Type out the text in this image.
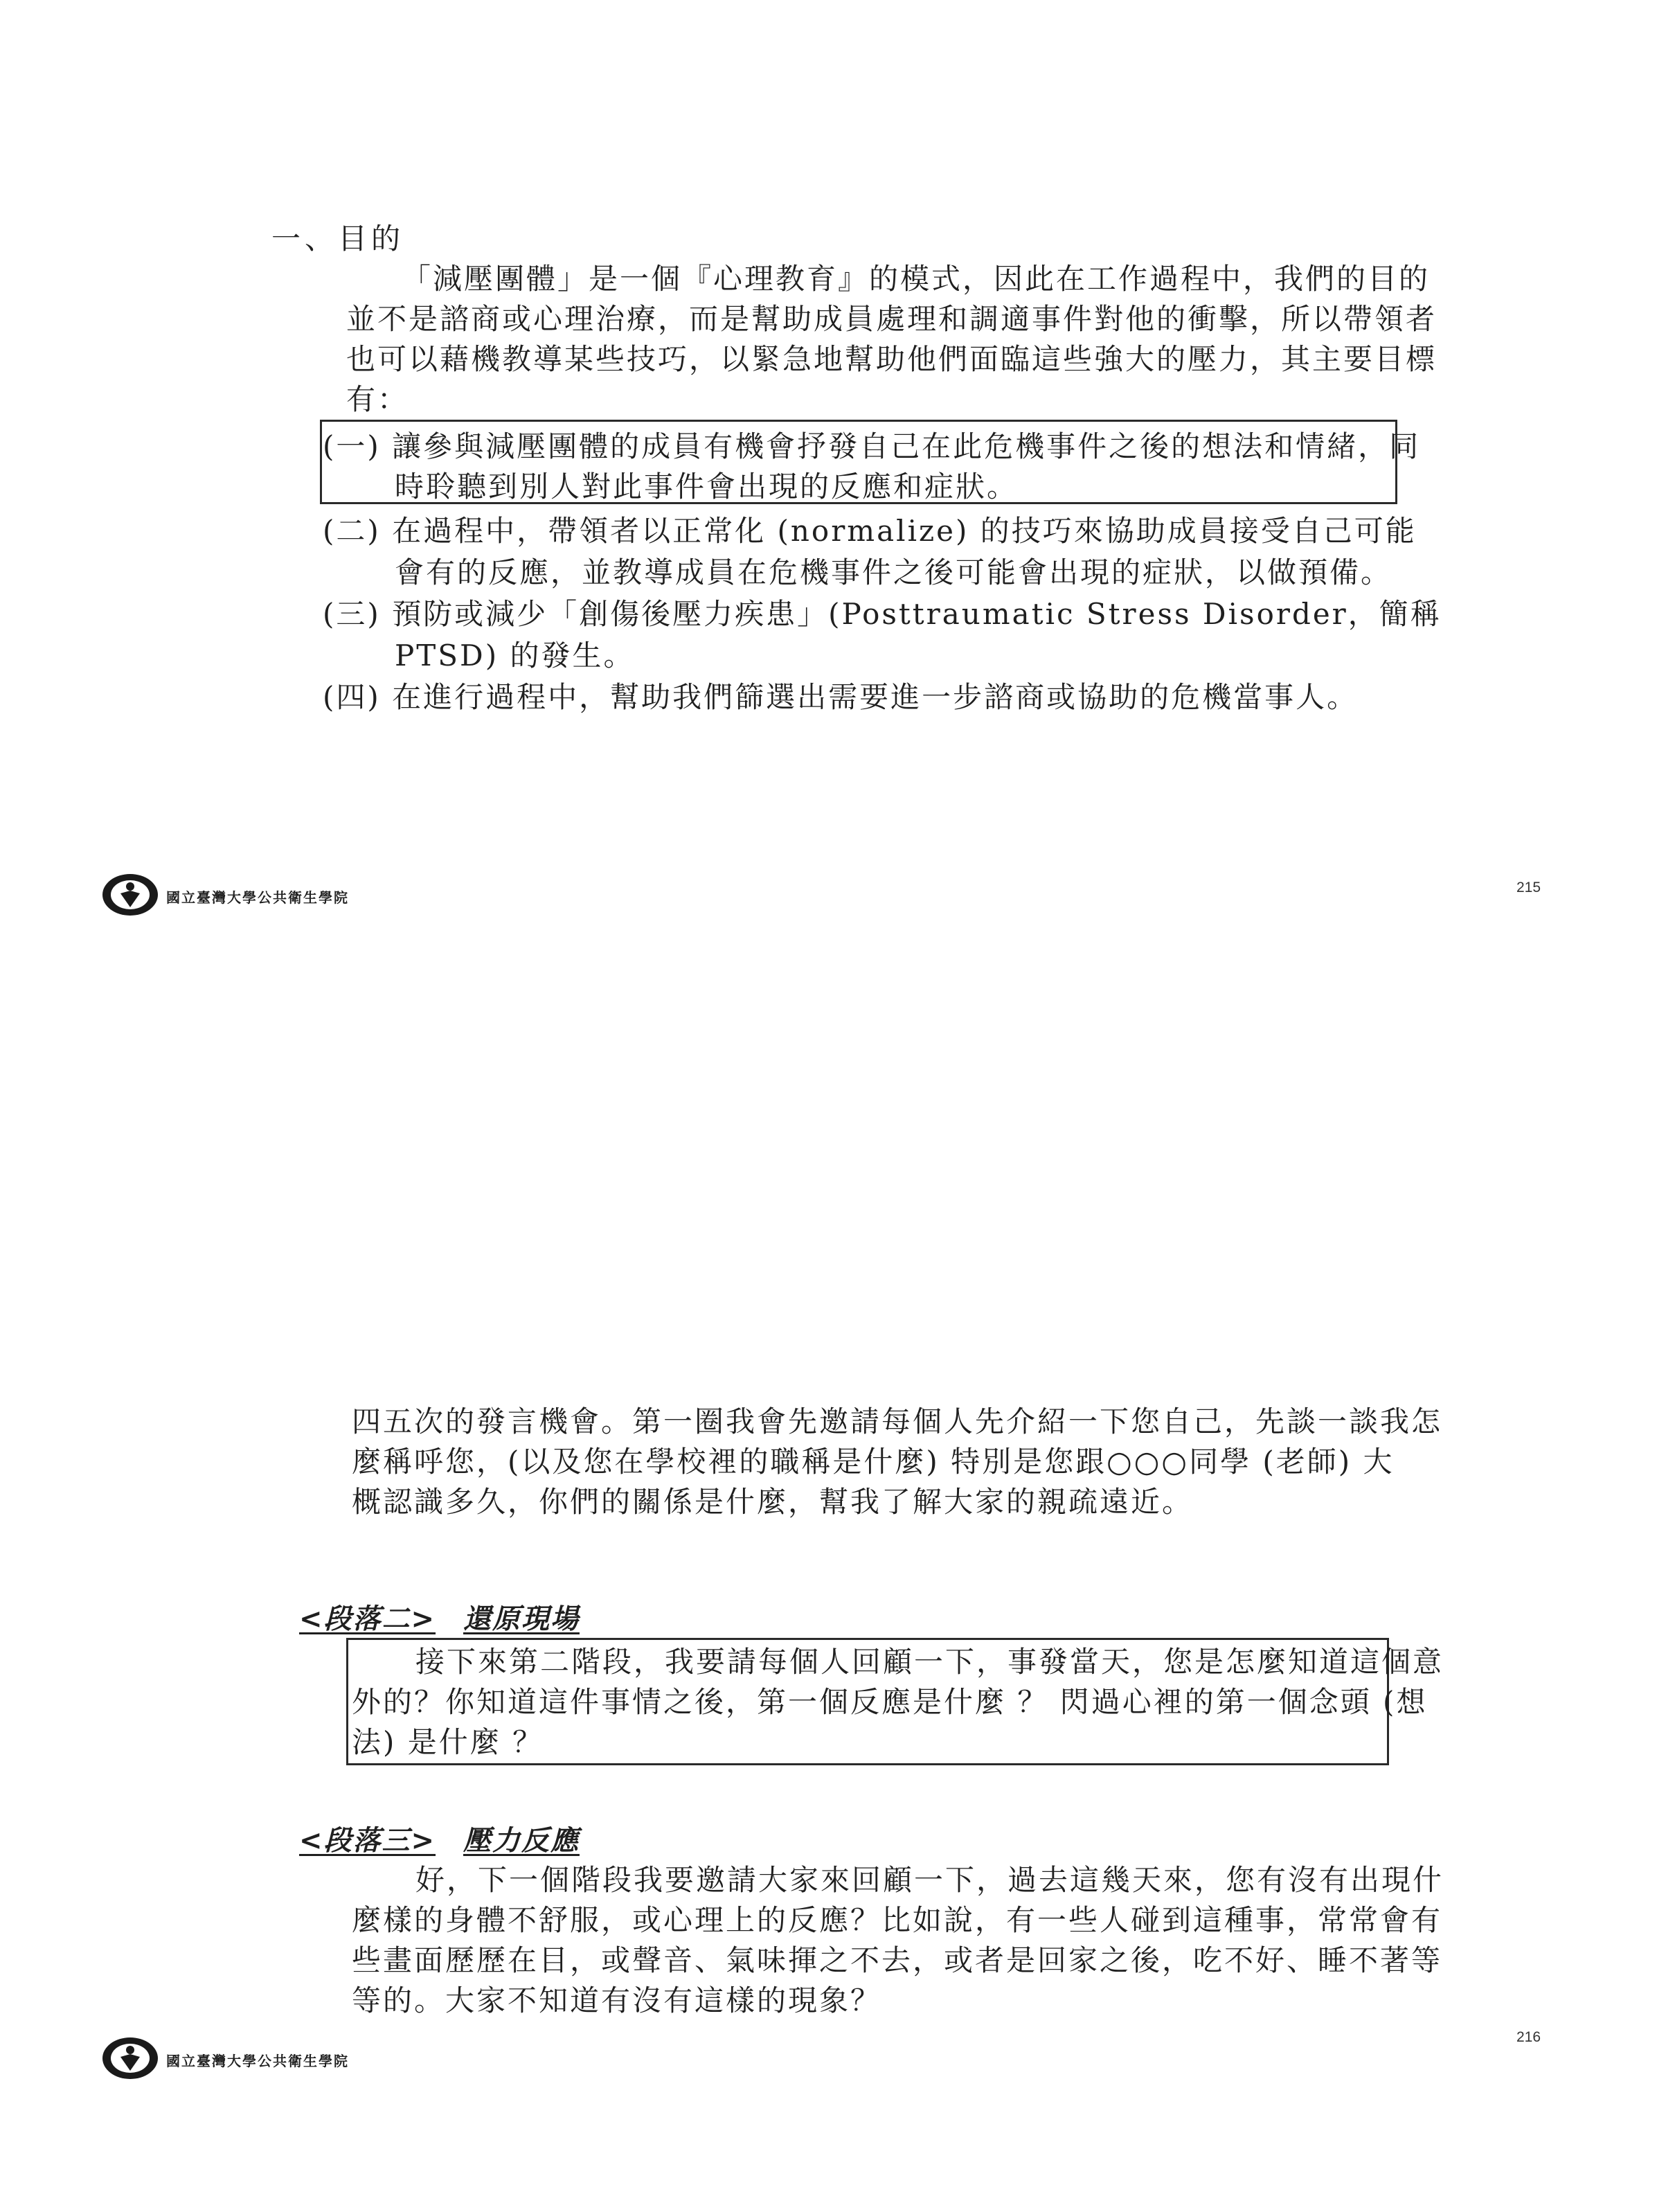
一、目的

「減壓團體」是一個『心理教育』的模式，因此在工作過程中，我們的目的

並不是諮商或心理治療，而是幫助成員處理和調適事件對他的衝擊，所以帶領者

也可以藉機教導某些技巧，以緊急地幫助他們面臨這些強大的壓力，其主要目標

有：

(一) 讓參與減壓團體的成員有機會抒發自己在此危機事件之後的想法和情緒，同

時聆聽到別人對此事件會出現的反應和症狀。

(二) 在過程中，帶領者以正常化 (normalize) 的技巧來協助成員接受自己可能

會有的反應，並教導成員在危機事件之後可能會出現的症狀，以做預備。

(三) 預防或減少「創傷後壓力疾患」(Posttraumatic Stress Disorder，簡稱

PTSD) 的發生。

(四) 在進行過程中，幫助我們篩選出需要進一步諮商或協助的危機當事人。

國立臺灣大學公共衛生學院

215

四五次的發言機會。第一圈我會先邀請每個人先介紹一下您自己，先談一談我怎

麼稱呼您，(以及您在學校裡的職稱是什麼) 特別是您跟○○○同學 (老師) 大

概認識多久，你們的關係是什麼，幫我了解大家的親疏遠近。

<段落二> 還原現場

接下來第二階段，我要請每個人回顧一下，事發當天，您是怎麼知道這個意

外的？你知道這件事情之後，第一個反應是什麼 ？ 閃過心裡的第一個念頭 (想

法) 是什麼 ？

<段落三> 壓力反應

好，下一個階段我要邀請大家來回顧一下，過去這幾天來，您有沒有出現什

麼樣的身體不舒服，或心理上的反應？比如說，有一些人碰到這種事，常常會有

些畫面歷歷在目，或聲音、氣味揮之不去，或者是回家之後，吃不好、睡不著等

等的。大家不知道有沒有這樣的現象？

國立臺灣大學公共衛生學院

216
